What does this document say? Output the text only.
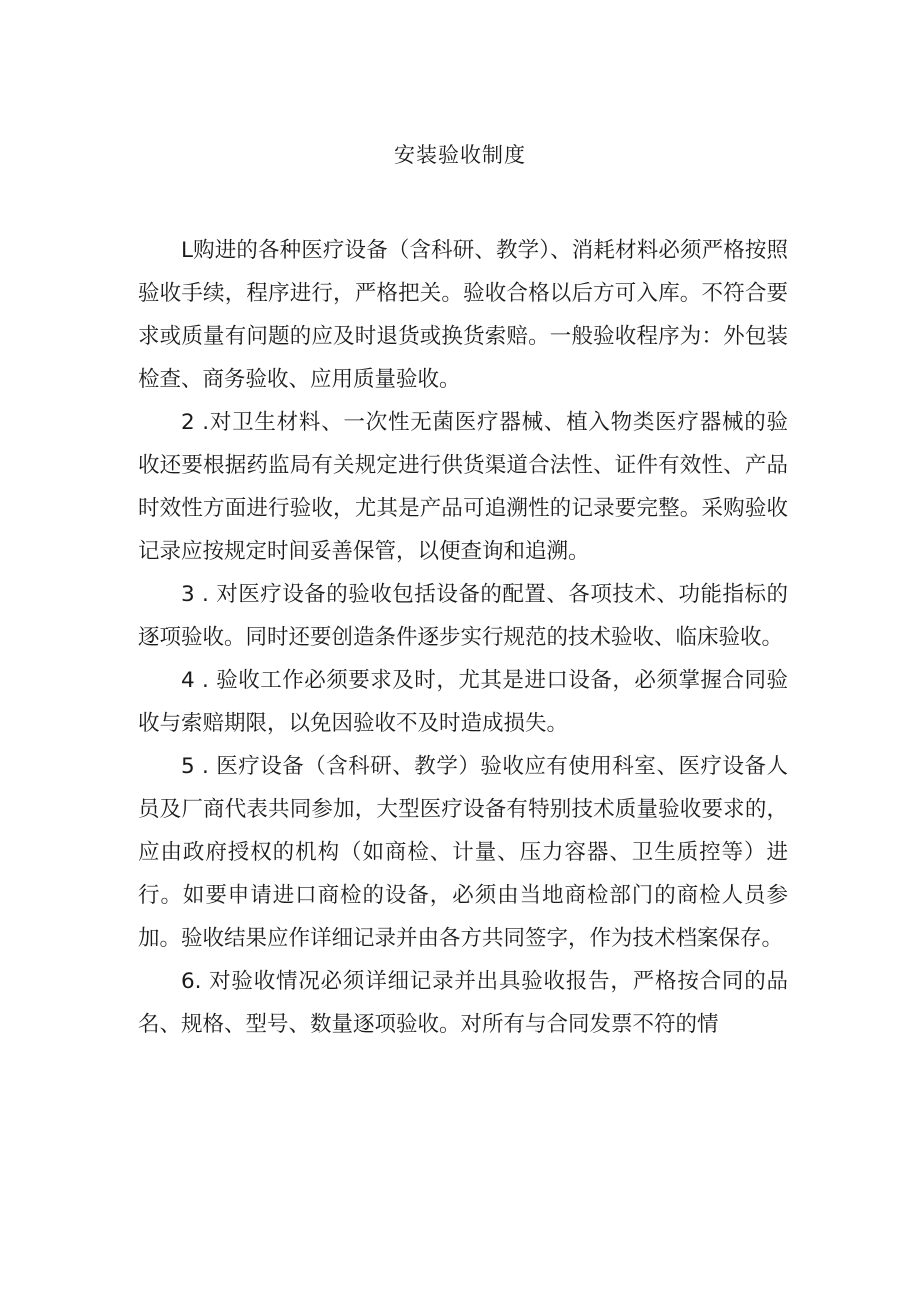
安装验收制度

L购进的各种医疗设备（含科研、教学）、消耗材料必须严格按照验收手续，程序进行，严格把关。验收合格以后方可入库。不符合要求或质量有问题的应及时退货或换货索赔。一般验收程序为：外包装检查、商务验收、应用质量验收。

2 .对卫生材料、一次性无菌医疗器械、植入物类医疗器械的验收还要根据药监局有关规定进行供货渠道合法性、证件有效性、产品时效性方面进行验收，尤其是产品可追溯性的记录要完整。采购验收记录应按规定时间妥善保管，以便查询和追溯。

3 . 对医疗设备的验收包括设备的配置、各项技术、功能指标的逐项验收。同时还要创造条件逐步实行规范的技术验收、临床验收。

4 . 验收工作必须要求及时，尤其是进口设备，必须掌握合同验收与索赔期限，以免因验收不及时造成损失。

5 . 医疗设备（含科研、教学）验收应有使用科室、医疗设备人员及厂商代表共同参加，大型医疗设备有特别技术质量验收要求的，应由政府授权的机构（如商检、计量、压力容器、卫生质控等）进行。如要申请进口商检的设备，必须由当地商检部门的商检人员参加。验收结果应作详细记录并由各方共同签字，作为技术档案保存。

6. 对验收情况必须详细记录并出具验收报告，严格按合同的品名、规格、型号、数量逐项验收。对所有与合同发票不符的情
